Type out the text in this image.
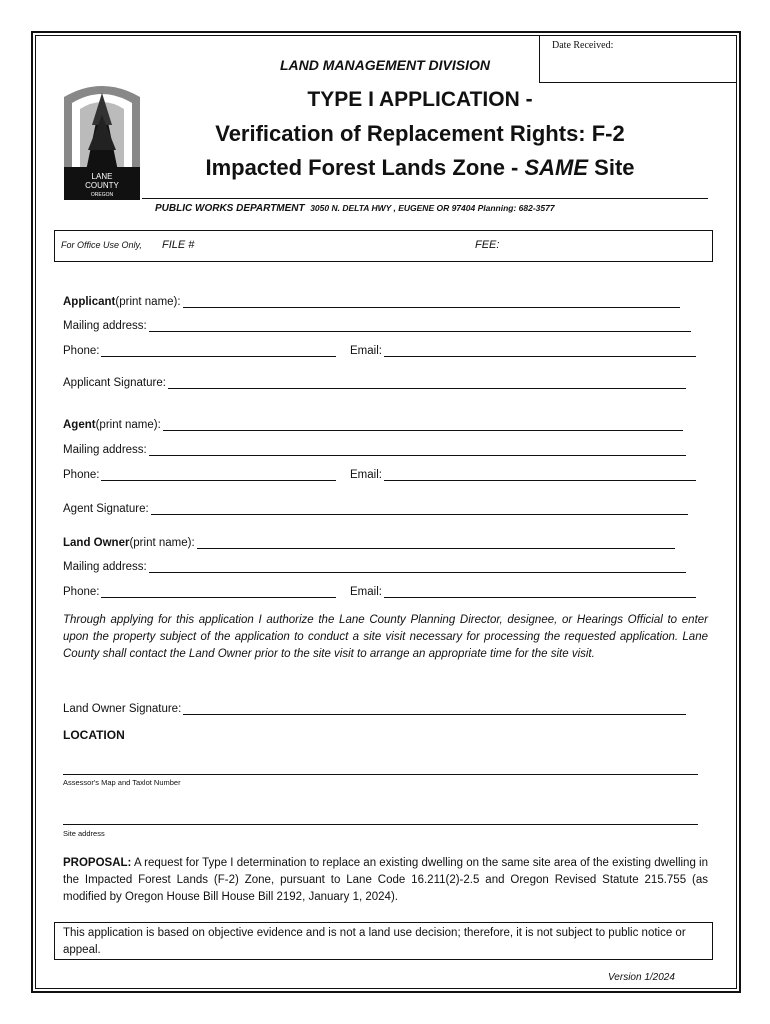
Date Received:
LAND MANAGEMENT DIVISION
LANE
COUNTY
OREGON
TYPE I APPLICATION -
Verification of Replacement Rights: F-2
Impacted Forest Lands Zone - SAME Site
PUBLIC WORKS DEPARTMENT 3050 N. DELTA HWY , EUGENE OR 97404 Planning: 682-3577
For Office Use Only, FILE #	FEE:
Applicant (print name):
Mailing address:
Phone:	Email:
Applicant Signature:
Agent (print name):
Mailing address:
Phone:	Email:
Agent Signature:
Land Owner (print name):
Mailing address:
Phone:	Email:
Through applying for this application I authorize the Lane County Planning Director, designee, or Hearings Official to enter upon the property subject of the application to conduct a site visit necessary for processing the requested application. Lane County shall contact the Land Owner prior to the site visit to arrange an appropriate time for the site visit.
Land Owner Signature:
LOCATION
Assessor's Map and Taxlot Number
Site address
PROPOSAL: A request for Type I determination to replace an existing dwelling on the same site area of the existing dwelling in the Impacted Forest Lands (F-2) Zone, pursuant to Lane Code 16.211(2)-2.5 and Oregon Revised Statute 215.755 (as modified by Oregon House Bill House Bill 2192, January 1, 2024).
This application is based on objective evidence and is not a land use decision; therefore, it is not subject to public notice or appeal.
Version 1/2024
